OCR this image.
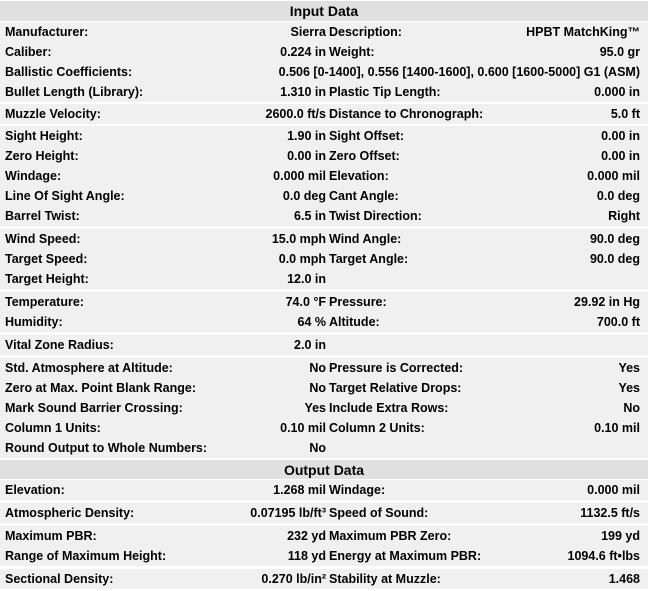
Input Data
Manufacturer:	Sierra Description:	HPBT MatchKing™
Caliber:	0.224 in Weight:	95.0 gr
Ballistic Coefficients:	0.506 [0-1400], 0.556 [1400-1600], 0.600 [1600-5000] G1 (ASM)
Bullet Length (Library):	1.310 in Plastic Tip Length:	0.000 in
Muzzle Velocity:	2600.0 ft/s Distance to Chronograph:	5.0 ft
Sight Height:	1.90 in Sight Offset:	0.00 in
Zero Height:	0.00 in Zero Offset:	0.00 in
Windage:	0.000 mil Elevation:	0.000 mil
Line Of Sight Angle:	0.0 deg Cant Angle:	0.0 deg
Barrel Twist:	6.5 in Twist Direction:	Right
Wind Speed:	15.0 mph Wind Angle:	90.0 deg
Target Speed:	0.0 mph Target Angle:	90.0 deg
Target Height:	12.0 in
Temperature:	74.0 °F Pressure:	29.92 in Hg
Humidity:	64 % Altitude:	700.0 ft
Vital Zone Radius:	2.0 in
Std. Atmosphere at Altitude:	No Pressure is Corrected:	Yes
Zero at Max. Point Blank Range:	No Target Relative Drops:	Yes
Mark Sound Barrier Crossing:	Yes Include Extra Rows:	No
Column 1 Units:	0.10 mil Column 2 Units:	0.10 mil
Round Output to Whole Numbers:	No
Output Data
Elevation:	1.268 mil Windage:	0.000 mil
Atmospheric Density:	0.07195 lb/ft³ Speed of Sound:	1132.5 ft/s
Maximum PBR:	232 yd Maximum PBR Zero:	199 yd
Range of Maximum Height:	118 yd Energy at Maximum PBR:	1094.6 ft•lbs
Sectional Density:	0.270 lb/in² Stability at Muzzle:	1.468
